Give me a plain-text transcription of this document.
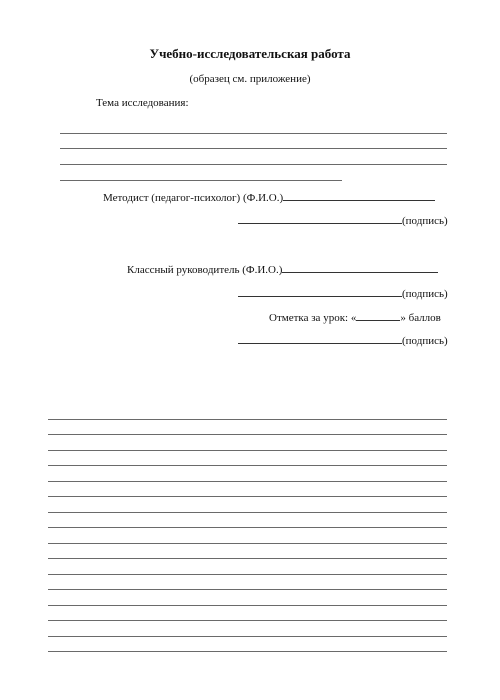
Учебно-исследовательская работа
(образец см. приложение)
Тема исследования:
Методист (педагог-психолог) (Ф.И.О.)
(подпись)
Классный руководитель (Ф.И.О.)
(подпись)
Отметка за урок: «	» баллов
(подпись)
